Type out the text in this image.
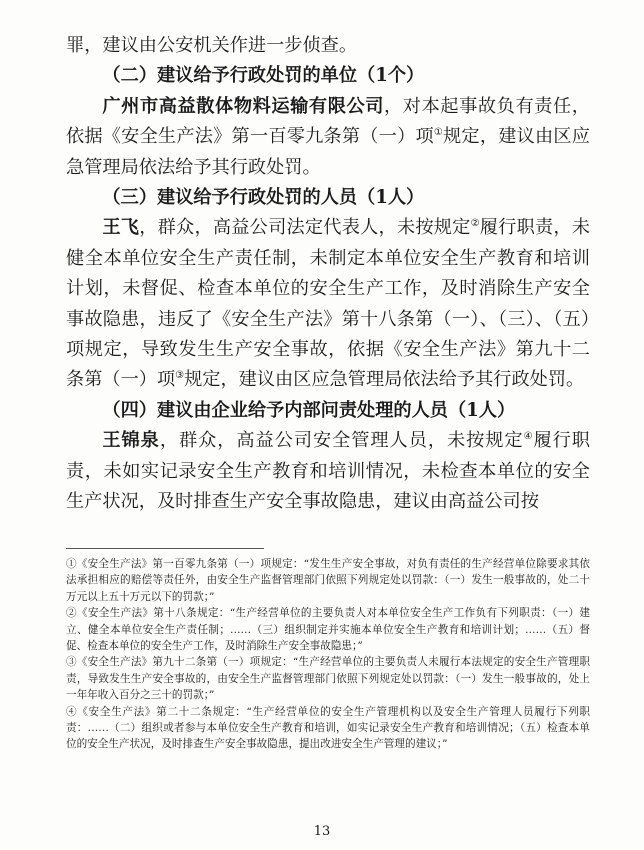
罪，建议由公安机关作进一步侦查。

（二）建议给予行政处罚的单位（1个）

广州市高益散体物料运输有限公司，对本起事故负有责任，依据《安全生产法》第一百零九条第（一）项①规定，建议由区应急管理局依法给予其行政处罚。

（三）建议给予行政处罚的人员（1人）

王飞，群众，高益公司法定代表人，未按规定②履行职责，未健全本单位安全生产责任制，未制定本单位安全生产教育和培训计划，未督促、检查本单位的安全生产工作，及时消除生产安全事故隐患，违反了《安全生产法》第十八条第（一）、（三）、（五）项规定，导致发生生产安全事故，依据《安全生产法》第九十二条第（一）项③规定，建议由区应急管理局依法给予其行政处罚。

（四）建议由企业给予内部问责处理的人员（1人）

王锦泉，群众，高益公司安全管理人员，未按规定④履行职责，未如实记录安全生产教育和培训情况，未检查本单位的安全生产状况，及时排查生产安全事故隐患，建议由高益公司按

①《安全生产法》第一百零九条第（一）项规定：“发生生产安全事故，对负有责任的生产经营单位除要求其依法承担相应的赔偿等责任外，由安全生产监督管理部门依照下列规定处以罚款：（一）发生一般事故的，处二十万元以上五十万元以下的罚款；”

②《安全生产法》第十八条规定：“生产经营单位的主要负责人对本单位安全生产工作负有下列职责：（一）建立、健全本单位安全生产责任制；……（三）组织制定并实施本单位安全生产教育和培训计划；……（五）督促、检查本单位的安全生产工作，及时消除生产安全事故隐患；”

③《安全生产法》第九十二条第（一）项规定：“生产经营单位的主要负责人未履行本法规定的安全生产管理职责，导致发生生产安全事故的，由安全生产监督管理部门依照下列规定处以罚款：（一）发生一般事故的，处上一年年收入百分之三十的罚款；”

④《安全生产法》第二十二条规定：“生产经营单位的安全生产管理机构以及安全生产管理人员履行下列职责：……（二）组织或者参与本单位安全生产教育和培训，如实记录安全生产教育和培训情况；（五）检查本单位的安全生产状况，及时排查生产安全事故隐患，提出改进安全生产管理的建议；”

13
